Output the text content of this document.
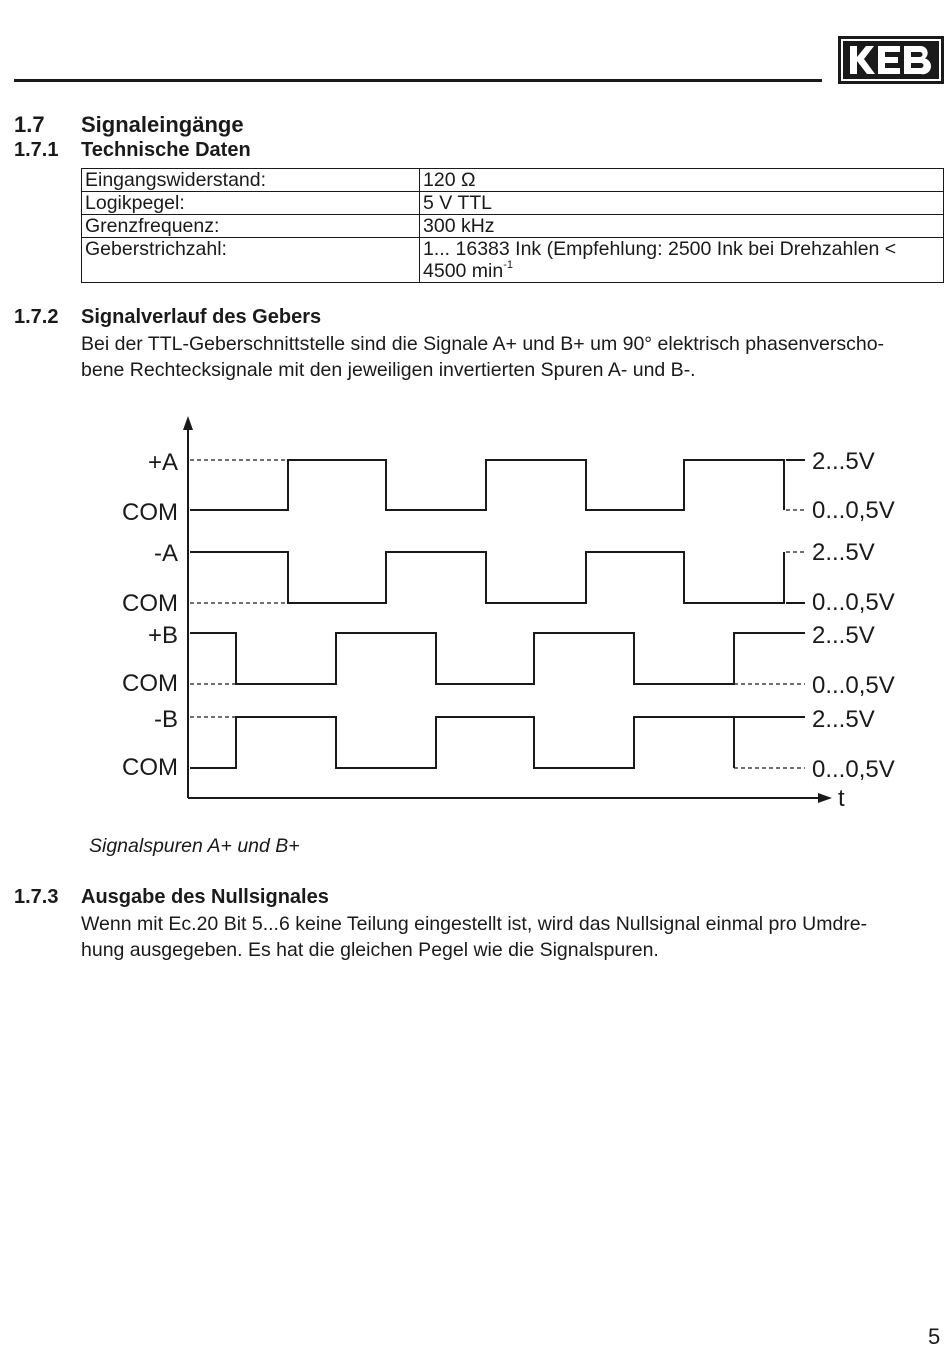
1.7 Signaleingänge
1.7.1 Technische Daten
Eingangswiderstand:	120 Ω
Logikpegel:	5 V TTL
Grenzfrequenz:	300 kHz
Geberstrichzahl:	1... 16383 Ink (Empfehlung: 2500 Ink bei Drehzahlen <
4500 $\min^{-1}$
1.7.2 Signalverlauf des Gebers
Bei der TTL-Geberschnittstelle sind die Signale A+ und B+ um 90° elektrisch phasenverscho-
bene Rechtecksignale mit den jeweiligen invertierten Spuren A- und B-.
+A
COM
-A
COM
+B
COM
-B
COM
2...5V
0...0,5V
2...5V
0...0,5V
2...5V
0...0,5V
2...5V
0...0,5V
t
Signalspuren A+ und B+
1.7.3 Ausgabe des Nullsignales
Wenn mit Ec.20 Bit 5...6 keine Teilung eingestellt ist, wird das Nullsignal einmal pro Umdre-
hung ausgegeben. Es hat die gleichen Pegel wie die Signalspuren.
5
